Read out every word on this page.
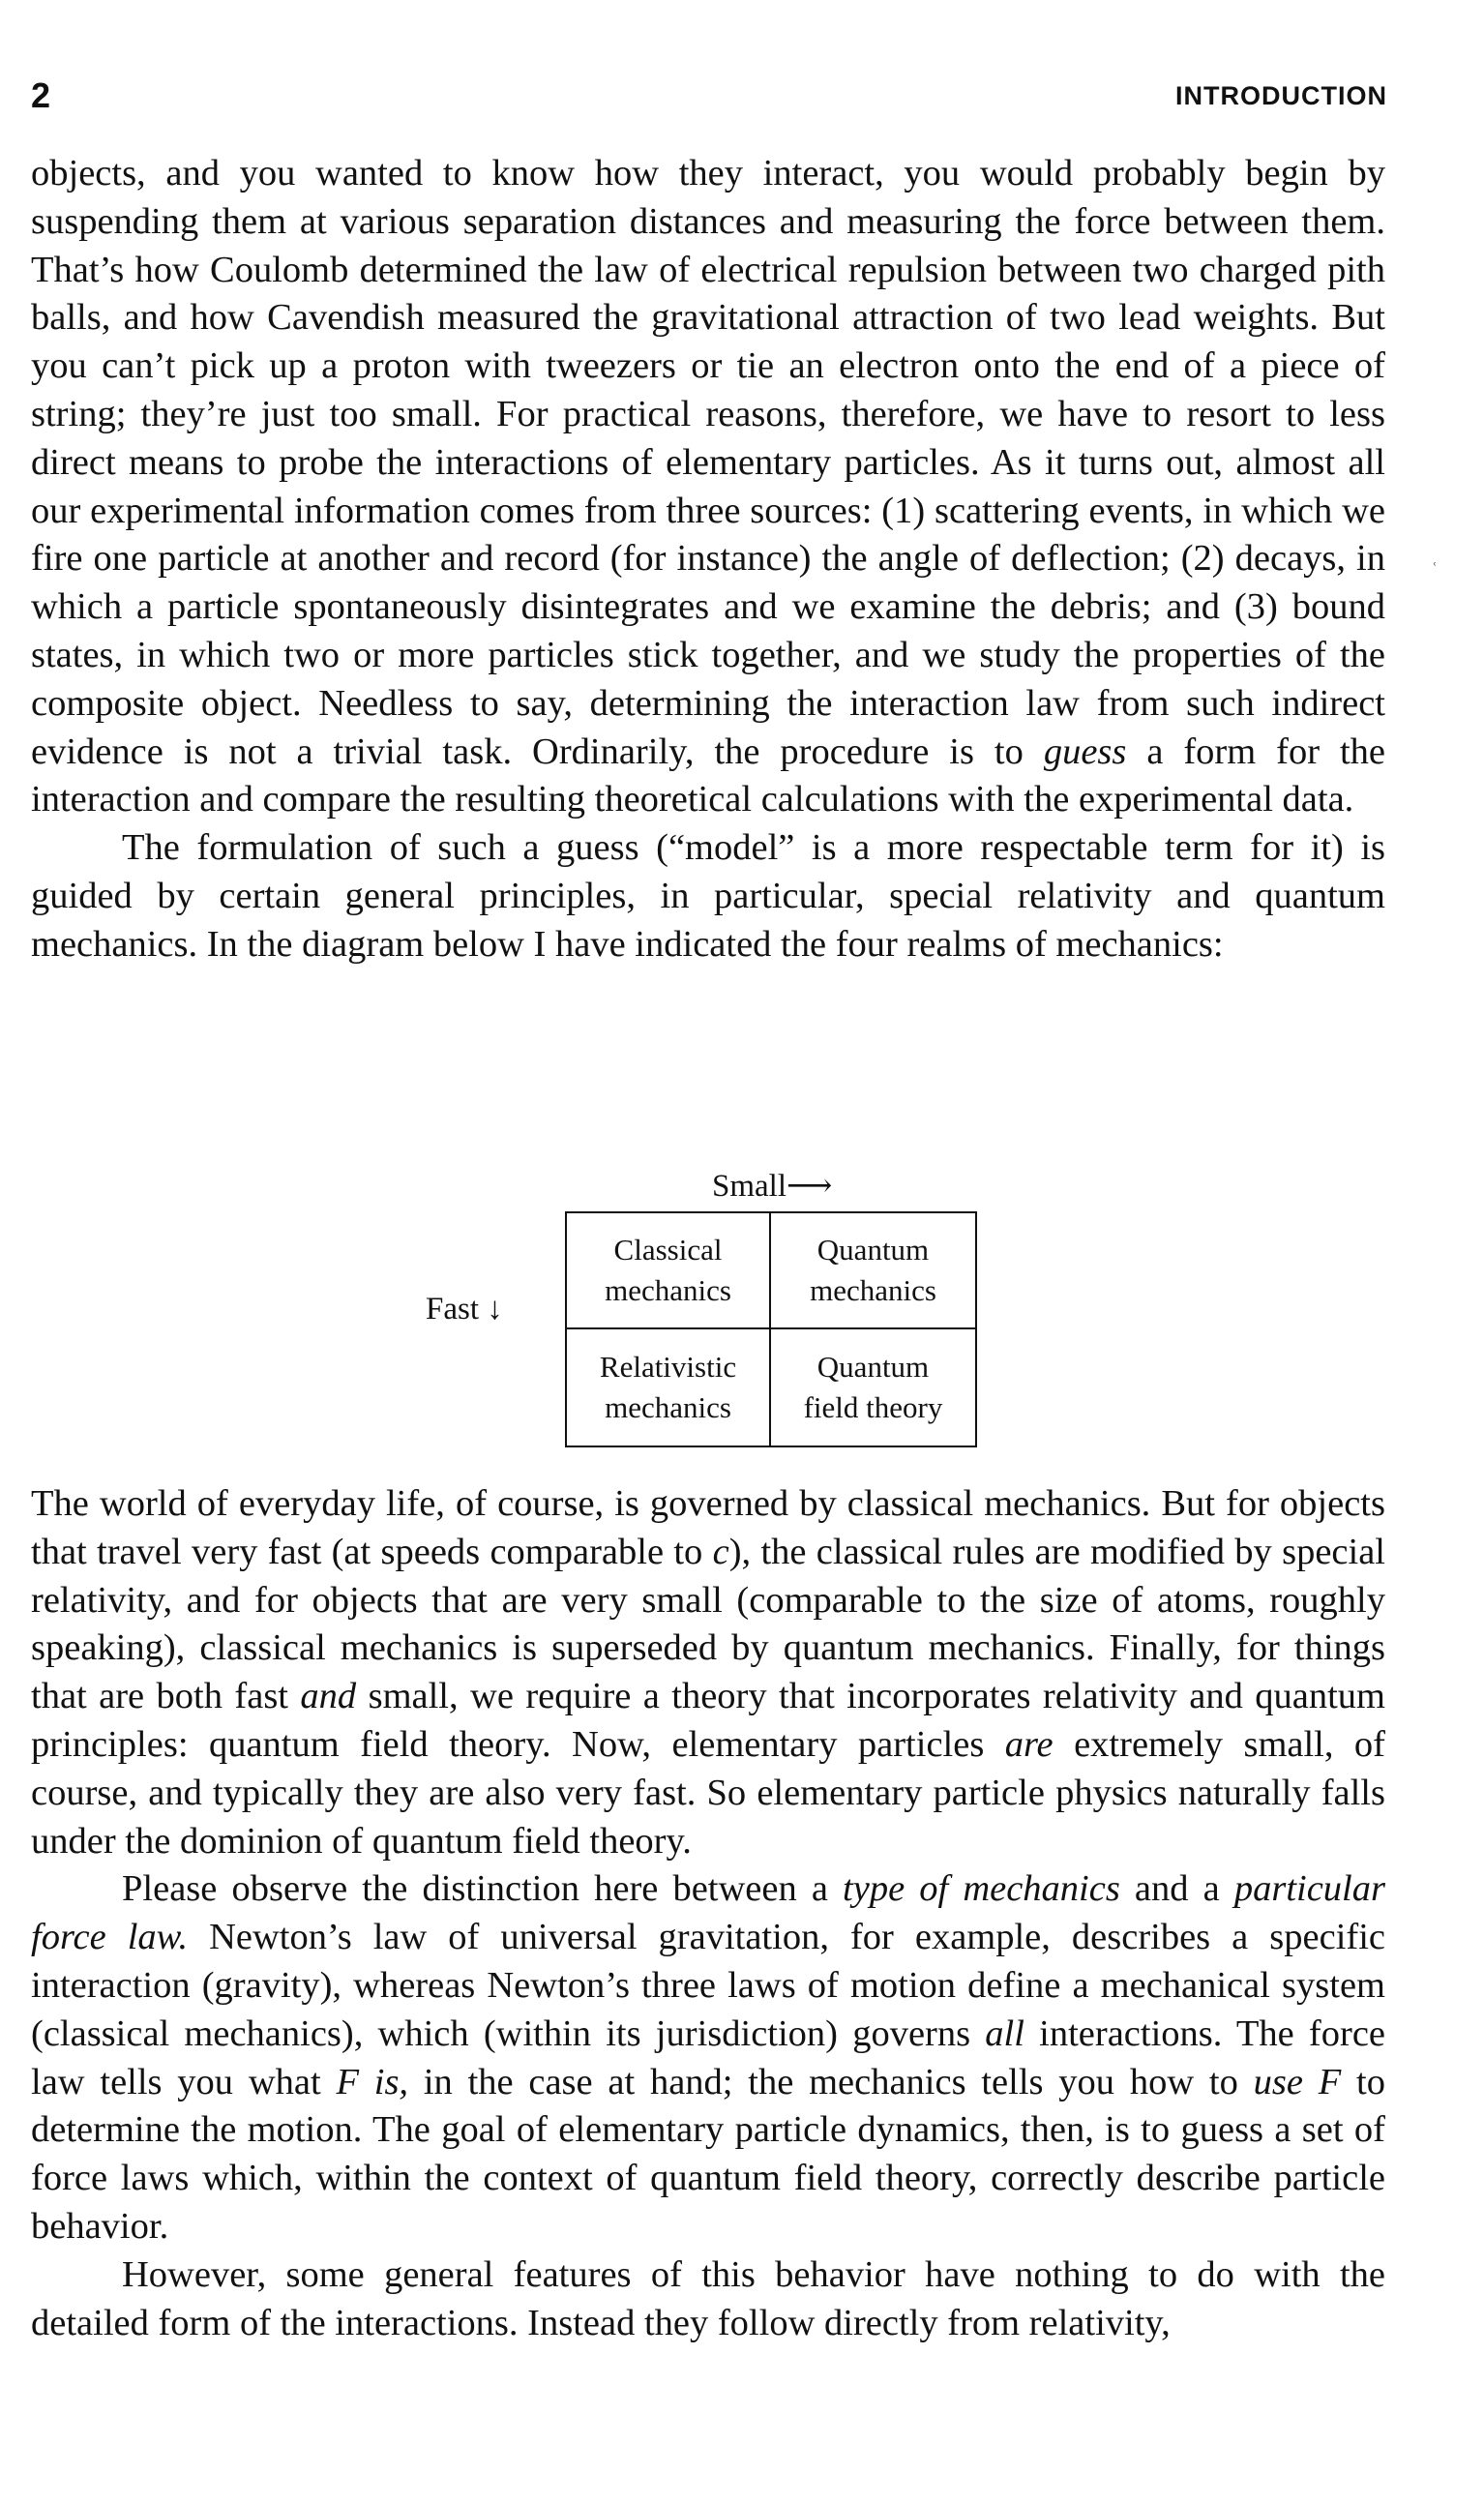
2	INTRODUCTION
ʿ

objects, and you wanted to know how they interact, you would probably begin by suspending them at various separation distances and measuring the force between them. That’s how Coulomb determined the law of electrical repulsion between two charged pith balls, and how Cavendish measured the gravitational attraction of two lead weights. But you can’t pick up a proton with tweezers or tie an electron onto the end of a piece of string; they’re just too small. For practical reasons, therefore, we have to resort to less direct means to probe the interactions of elementary particles. As it turns out, almost all our experimental information comes from three sources: (1) scattering events, in which we fire one particle at another and record (for instance) the angle of deflection; (2) decays, in which a particle spontaneously disintegrates and we examine the debris; and (3) bound states, in which two or more particles stick together, and we study the properties of the composite object. Needless to say, determining the interaction law from such indirect evidence is not a trivial task. Ordinarily, the procedure is to guess a form for the interaction and compare the resulting theoretical calculations with the experimental data.

The formulation of such a guess (“model” is a more respectable term for it) is guided by certain general principles, in particular, special relativity and quantum mechanics. In the diagram below I have indicated the four realms of mechanics:

Small⟶
Fast ↓
Classical
mechanics
Quantum
mechanics
Relativistic
mechanics
Quantum
field theory

The world of everyday life, of course, is governed by classical mechanics. But for objects that travel very fast (at speeds comparable to c), the classical rules are modified by special relativity, and for objects that are very small (comparable to the size of atoms, roughly speaking), classical mechanics is superseded by quantum mechanics. Finally, for things that are both fast and small, we require a theory that incorporates relativity and quantum principles: quantum field theory. Now, elementary particles are extremely small, of course, and typically they are also very fast. So elementary particle physics naturally falls under the dominion of quantum field theory.

Please observe the distinction here between a type of mechanics and a particular force law. Newton’s law of universal gravitation, for example, describes a specific interaction (gravity), whereas Newton’s three laws of motion define a mechanical system (classical mechanics), which (within its jurisdiction) governs all interactions. The force law tells you what F is, in the case at hand; the mechanics tells you how to use F to determine the motion. The goal of elementary particle dynamics, then, is to guess a set of force laws which, within the context of quantum field theory, correctly describe particle behavior.

However, some general features of this behavior have nothing to do with the detailed form of the interactions. Instead they follow directly from relativity,
